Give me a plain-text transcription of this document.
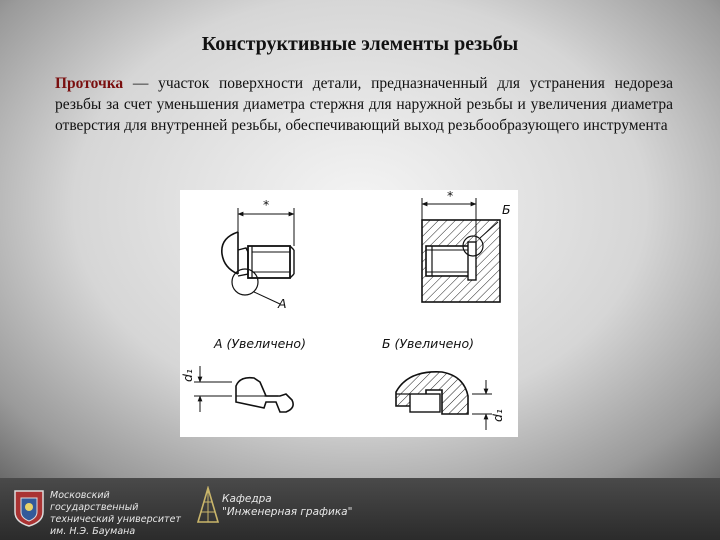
Конструктивные элементы резьбы
Проточка — участок поверхности детали, предназначенный для устранения недореза резьбы за счет уменьшения диаметра стержня для наружной резьбы и увеличения диаметра отверстия для внутренней резьбы, обеспечивающий выход резьбообразующего инструмента
*
A
*
Б
А (Увеличено)	Б (Увеличено)
d₁
d₁
Московский государственный
технический университет
им. Н.Э. Баумана
Кафедра
"Инженерная графика"
